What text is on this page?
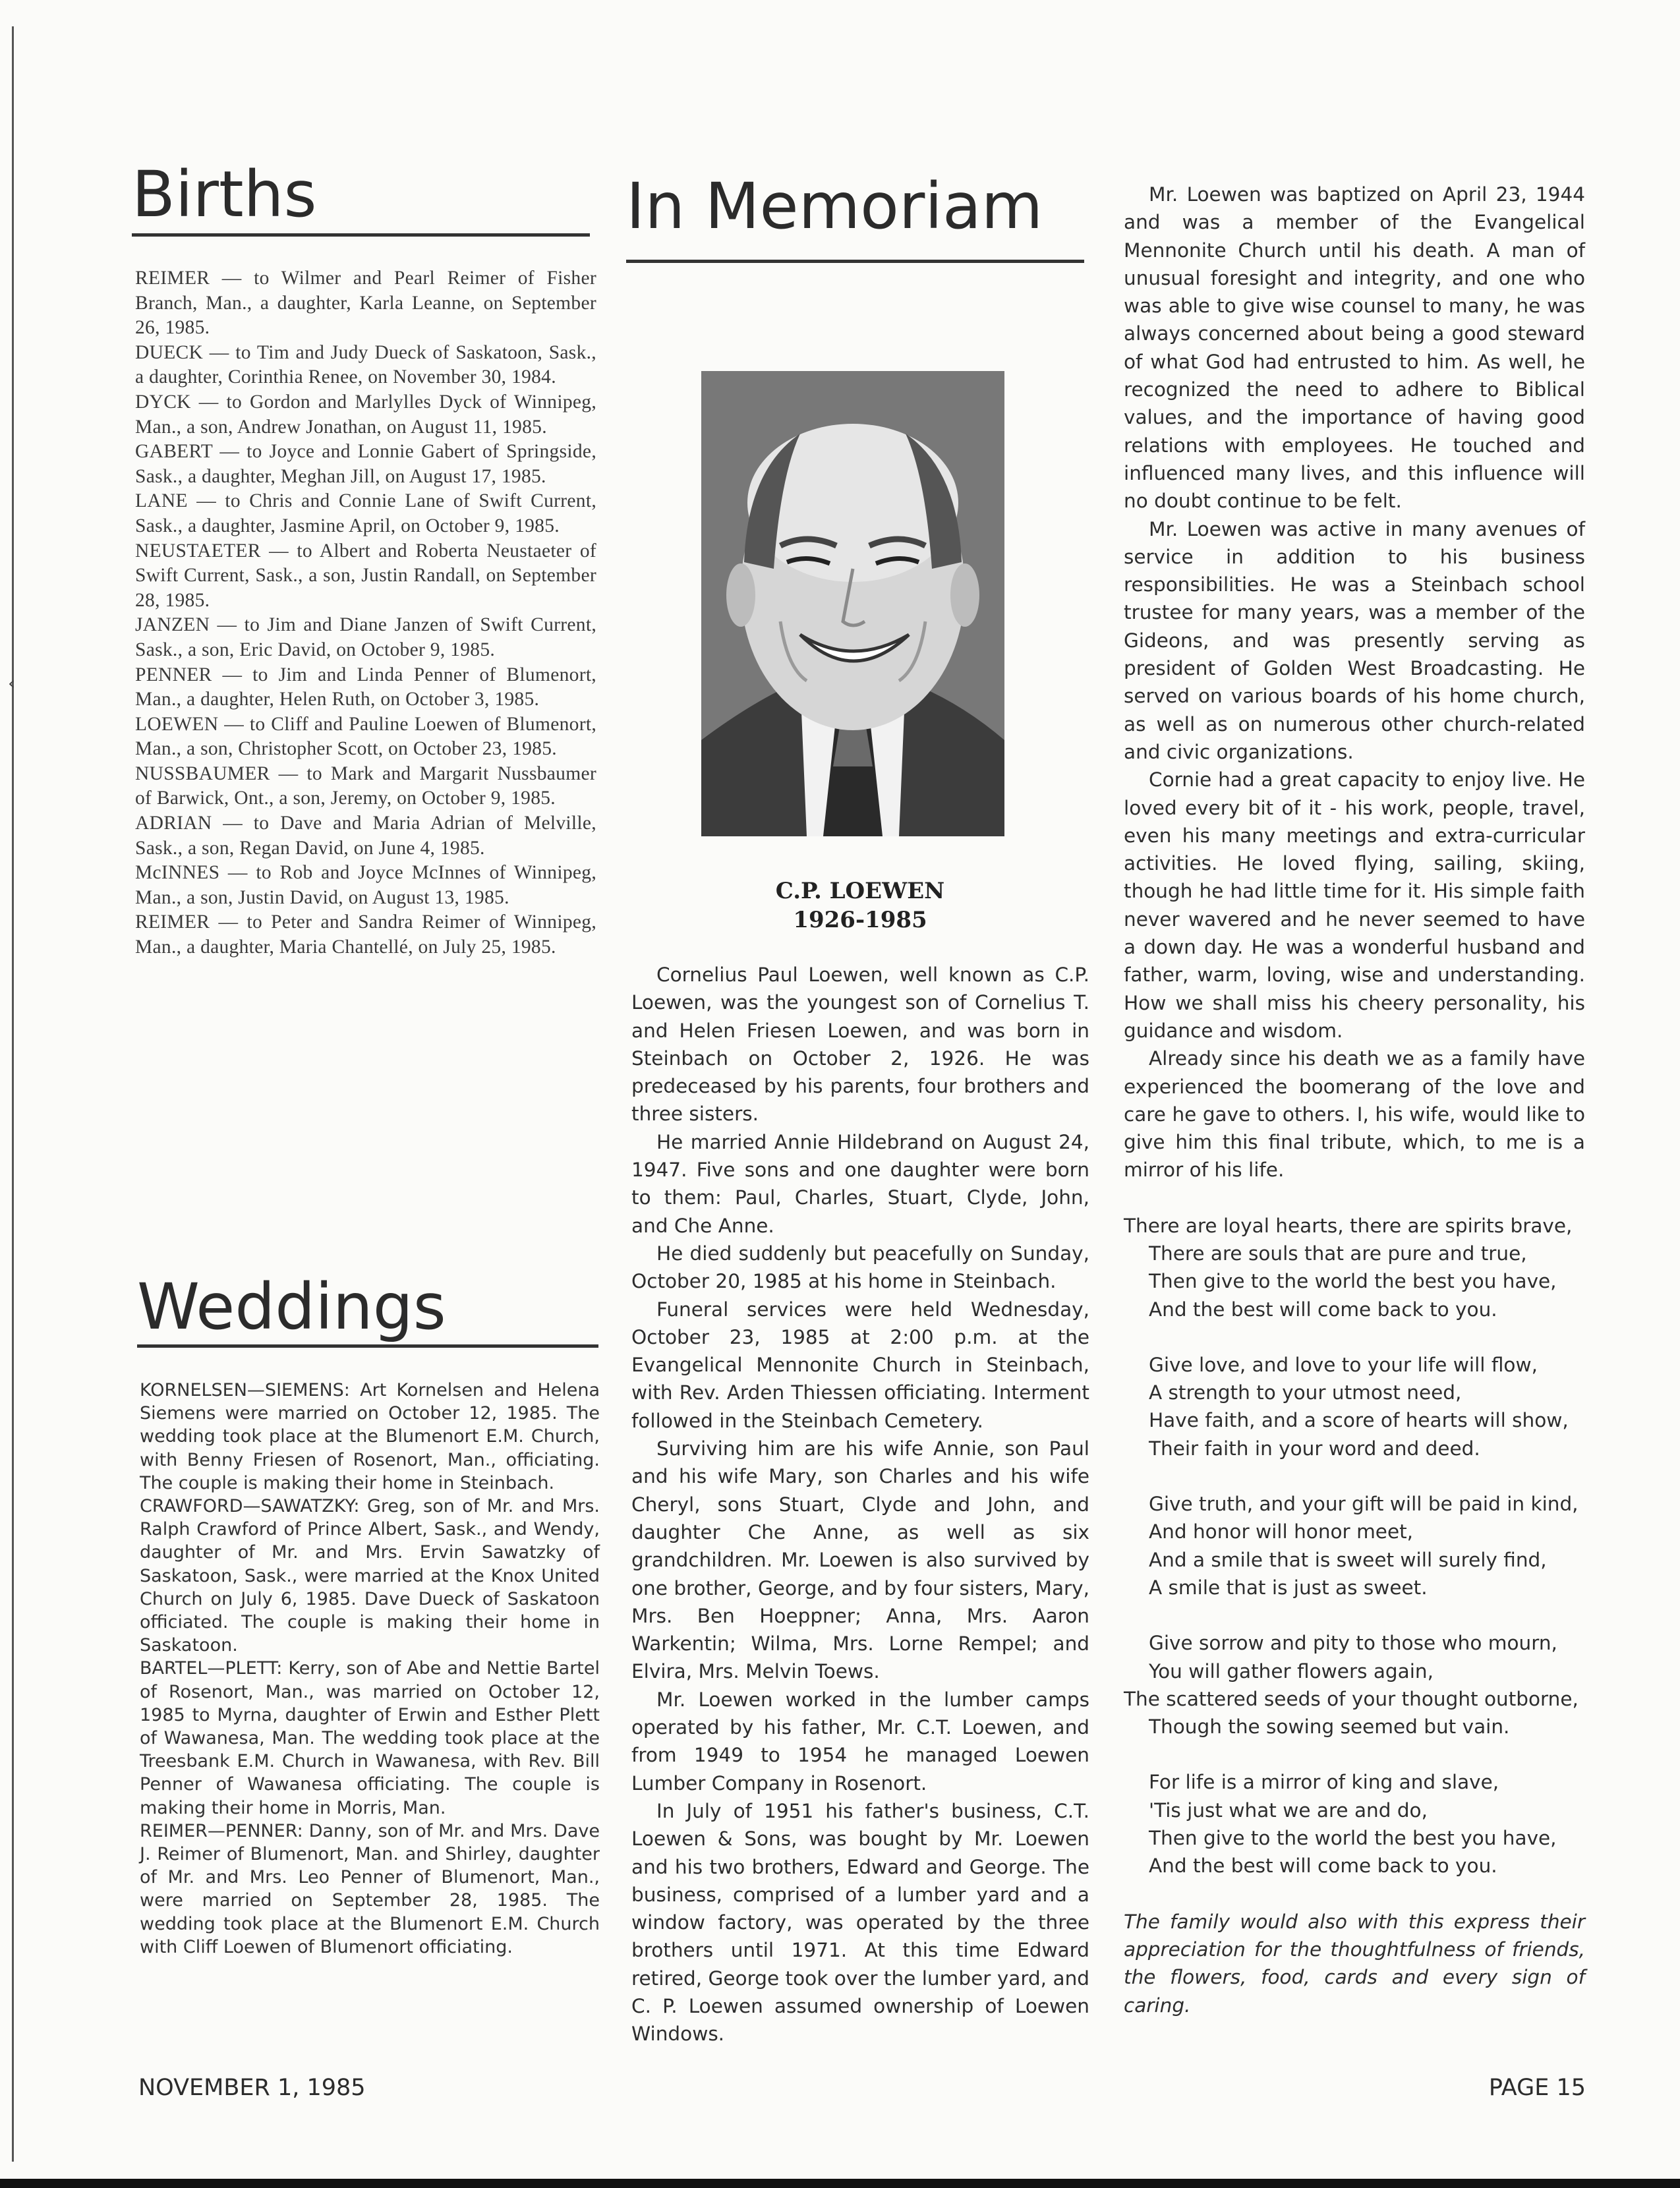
‹
Births

REIMER — to Wilmer and Pearl Reimer of Fisher Branch, Man., a daughter, Karla Leanne, on September 26, 1985.

DUECK — to Tim and Judy Dueck of Saskatoon, Sask., a daughter, Corinthia Renee, on November 30, 1984.

DYCK — to Gordon and Marlylles Dyck of Winnipeg, Man., a son, Andrew Jonathan, on August 11, 1985.

GABERT — to Joyce and Lonnie Gabert of Springside, Sask., a daughter, Meghan Jill, on August 17, 1985.

LANE — to Chris and Connie Lane of Swift Current, Sask., a daughter, Jasmine April, on October 9, 1985.

NEUSTAETER — to Albert and Roberta Neustaeter of Swift Current, Sask., a son, Justin Randall, on September 28, 1985.

JANZEN — to Jim and Diane Janzen of Swift Current, Sask., a son, Eric David, on October 9, 1985.

PENNER — to Jim and Linda Penner of Blumenort, Man., a daughter, Helen Ruth, on October 3, 1985.

LOEWEN — to Cliff and Pauline Loewen of Blumenort, Man., a son, Christopher Scott, on October 23, 1985.

NUSSBAUMER — to Mark and Margarit Nussbaumer of Barwick, Ont., a son, Jeremy, on October 9, 1985.

ADRIAN — to Dave and Maria Adrian of Melville, Sask., a son, Regan David, on June 4, 1985.

McINNES — to Rob and Joyce McInnes of Winnipeg, Man., a son, Justin David, on August 13, 1985.

REIMER — to Peter and Sandra Reimer of Winnipeg, Man., a daughter, Maria Chantellé, on July 25, 1985.

Weddings

KORNELSEN—SIEMENS: Art Kornelsen and Helena Siemens were married on October 12, 1985. The wedding took place at the Blumenort E.M. Church, with Benny Friesen of Rosenort, Man., officiating. The couple is making their home in Steinbach.

CRAWFORD—SAWATZKY: Greg, son of Mr. and Mrs. Ralph Crawford of Prince Albert, Sask., and Wendy, daughter of Mr. and Mrs. Ervin Sawatzky of Saskatoon, Sask., were married at the Knox United Church on July 6, 1985. Dave Dueck of Saskatoon officiated. The couple is making their home in Saskatoon.

BARTEL—PLETT: Kerry, son of Abe and Nettie Bartel of Rosenort, Man., was married on October 12, 1985 to Myrna, daughter of Erwin and Esther Plett of Wawanesa, Man. The wedding took place at the Treesbank E.M. Church in Wawanesa, with Rev. Bill Penner of Wawanesa officiating. The couple is making their home in Morris, Man.

REIMER—PENNER: Danny, son of Mr. and Mrs. Dave J. Reimer of Blumenort, Man. and Shirley, daughter of Mr. and Mrs. Leo Penner of Blumenort, Man., were married on September 28, 1985. The wedding took place at the Blumenort E.M. Church with Cliff Loewen of Blumenort officiating.

In Memoriam
C.P. LOEWEN
1926-1985

Cornelius Paul Loewen, well known as C.P. Loewen, was the youngest son of Cornelius T. and Helen Friesen Loewen, and was born in Steinbach on October 2, 1926. He was predeceased by his parents, four brothers and three sisters.

He married Annie Hildebrand on August 24, 1947. Five sons and one daughter were born to them: Paul, Charles, Stuart, Clyde, John, and Che Anne.

He died suddenly but peacefully on Sunday, October 20, 1985 at his home in Steinbach.

Funeral services were held Wednesday, October 23, 1985 at 2:00 p.m. at the Evangelical Mennonite Church in Steinbach, with Rev. Arden Thiessen officiating. Interment followed in the Steinbach Cemetery.

Surviving him are his wife Annie, son Paul and his wife Mary, son Charles and his wife Cheryl, sons Stuart, Clyde and John, and daughter Che Anne, as well as six grandchildren. Mr. Loewen is also survived by one brother, George, and by four sisters, Mary, Mrs. Ben Hoeppner; Anna, Mrs. Aaron Warkentin; Wilma, Mrs. Lorne Rempel; and Elvira, Mrs. Melvin Toews.

Mr. Loewen worked in the lumber camps operated by his father, Mr. C.T. Loewen, and from 1949 to 1954 he managed Loewen Lumber Company in Rosenort.

In July of 1951 his father's business, C.T. Loewen & Sons, was bought by Mr. Loewen and his two brothers, Edward and George. The business, comprised of a lumber yard and a window factory, was operated by the three brothers until 1971. At this time Edward retired, George took over the lumber yard, and C. P. Loewen assumed ownership of Loewen Windows.

Mr. Loewen was baptized on April 23, 1944 and was a member of the Evangelical Mennonite Church until his death. A man of unusual foresight and integrity, and one who was able to give wise counsel to many, he was always concerned about being a good steward of what God had entrusted to him. As well, he recognized the need to adhere to Biblical values, and the importance of having good relations with employees. He touched and influenced many lives, and this influence will no doubt continue to be felt.

Mr. Loewen was active in many avenues of service in addition to his business responsibilities. He was a Steinbach school trustee for many years, was a member of the Gideons, and was presently serving as president of Golden West Broadcasting. He served on various boards of his home church, as well as on numerous other church-related and civic organizations.

Cornie had a great capacity to enjoy live. He loved every bit of it - his work, people, travel, even his many meetings and extra-curricular activities. He loved flying, sailing, skiing, though he had little time for it. His simple faith never wavered and he never seemed to have a down day. He was a wonderful husband and father, warm, loving, wise and understanding. How we shall miss his cheery personality, his guidance and wisdom.

Already since his death we as a family have experienced the boomerang of the love and care he gave to others. I, his wife, would like to give him this final tribute, which, to me is a mirror of his life.

There are loyal hearts, there are spirits brave,

There are souls that are pure and true,

Then give to the world the best you have,

And the best will come back to you.

Give love, and love to your life will flow,

A strength to your utmost need,

Have faith, and a score of hearts will show,

Their faith in your word and deed.

Give truth, and your gift will be paid in kind,

And honor will honor meet,

And a smile that is sweet will surely find,

A smile that is just as sweet.

Give sorrow and pity to those who mourn,

You will gather flowers again,

The scattered seeds of your thought outborne,

Though the sowing seemed but vain.

For life is a mirror of king and slave,

'Tis just what we are and do,

Then give to the world the best you have,

And the best will come back to you.

The family would also with this express their appreciation for the thoughtfulness of friends, the flowers, food, cards and every sign of caring.

NOVEMBER 1, 1985	PAGE 15
